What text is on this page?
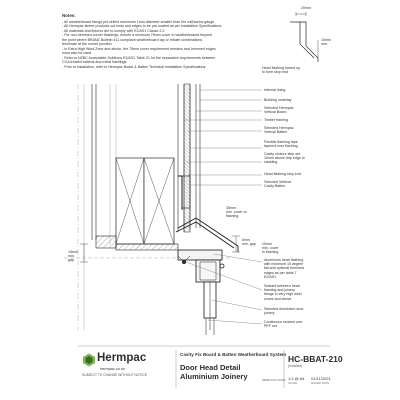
Notes:
- All weatherboard fixings pre-drilled maximum 1mm diameter smaller than the nail/screw gauge
- All Hermpac timber products cut ends and edges to be pre-coated as per Installation Specifications.
- All materials and fixtures are to comply with E2/AS1 Clause 2.2
- For non-hemmed corner flashings, ensure a minimum 75mm cover to weatherboards beyond
the point where BRANZ Bulletin 411 compliant weatherboard tap or rebate combinations
terminate at the corner junction.
- In Extra High Wind Zone and above, the 75mm cover requirement remains and hemmed edges
must also be used.
- Refer to NZBC Acceptable Solutions E2/AS1 Table 21 for the separation requirements between
CCA treated battens and metal flashings.
- Prior to installation, refer to Hermpac Board & Batten Technical Installation Specifications.
20mm
10mm
min.
Head flashing turned up
to form stop end
Internal lining
Building underlay
Selected Hermpac
Vertical Board
Timber framing
Selected Hermpac
Vertical Batten
Flexible flashing tape
tapered over flashing
Cavity closure strip set
10mm above drip edge to
cladding
Head flashing stop end
Selected Vertical
Cavity Batten
35mm
min. cover to
flashing
5mm
min. gap 10mm
min. cover
to flashing
15mm
min.
gap	Aluminium head flashing
with minimum 15 degree
fall and optional hemmed
edges as per table 7
E2/AS1
Sealant between head
flashing and joinery
flange in very high wind
zones and above
Selected aluminium door
joinery
Continuous sealant over
PEF rod
Hermpac
hermpac.co.nz
SUBJECT TO CHANGE WITHOUT NOTICE
Cavity Fix Board & Batten Weatherboard System
Door Head Detail
Aluminium Joinery	WEBB SOLUTIONS
HC-BBAT-210
(Modified)
1:2 @ A4 01/11/2021
SCALE	ISSUED DATE
